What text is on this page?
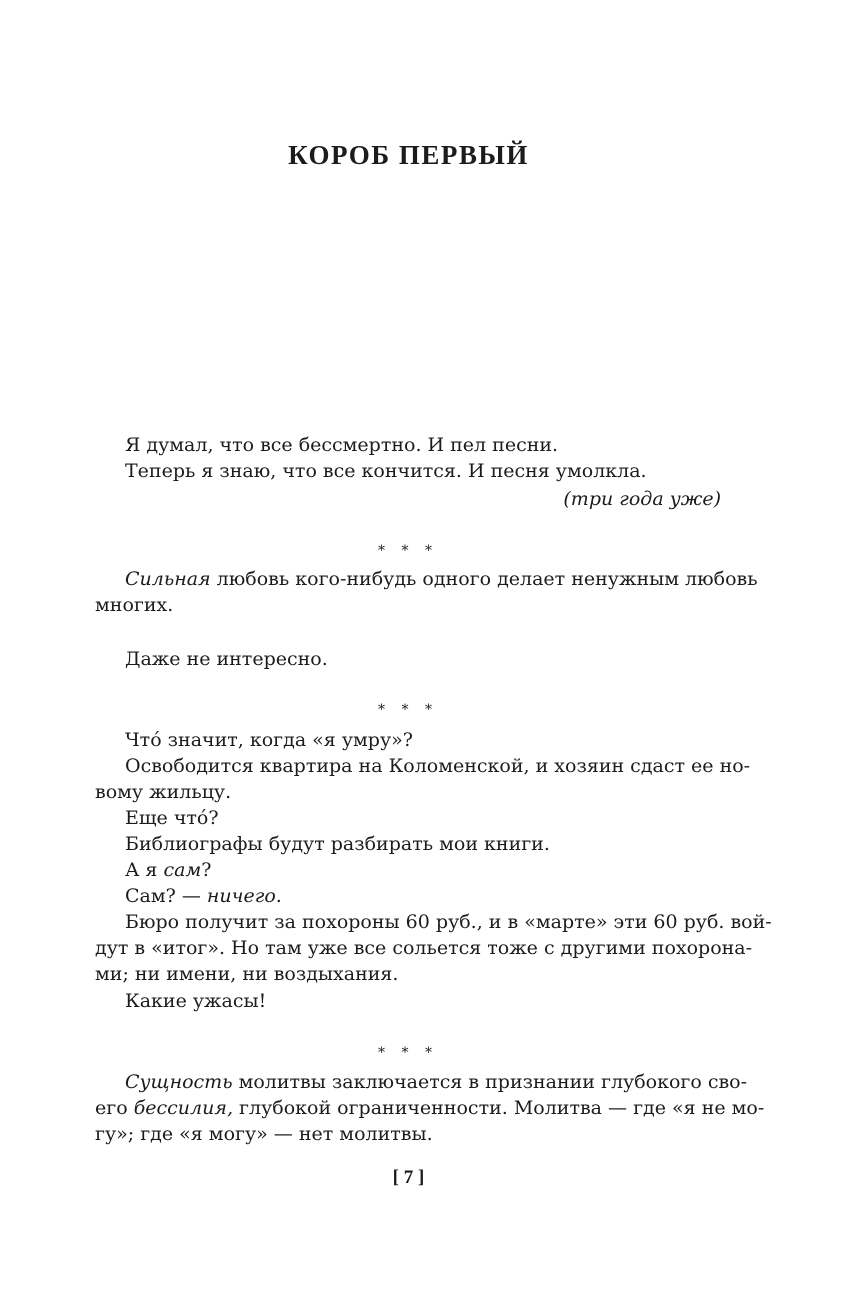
КОРОБ ПЕРВЫЙ
Я думал, что все бессмертно. И пел песни.
Теперь я знаю, что все кончится. И песня умолкла.
(три года уже)
* * *
Сильная любовь кого-нибудь одного делает ненужным любовь
многих.
Даже не интересно.
* * *
Что́ значит, когда «я умру»?
Освободится квартира на Коломенской, и хозяин сдаст ее но-
вому жильцу.
Еще что́?
Библиографы будут разбирать мои книги.
А я сам?
Сам? — ничего.
Бюро получит за похороны 60 руб., и в «марте» эти 60 руб. вой-
дут в «итог». Но там уже все сольется тоже с другими похорона-
ми; ни имени, ни воздыхания.
Какие ужасы!
* * *
Сущность молитвы заключается в признании глубокого сво-
его бессилия, глубокой ограниченности. Молитва — где «я не мо-
гу»; где «я могу» — нет молитвы.
[ 7 ]
